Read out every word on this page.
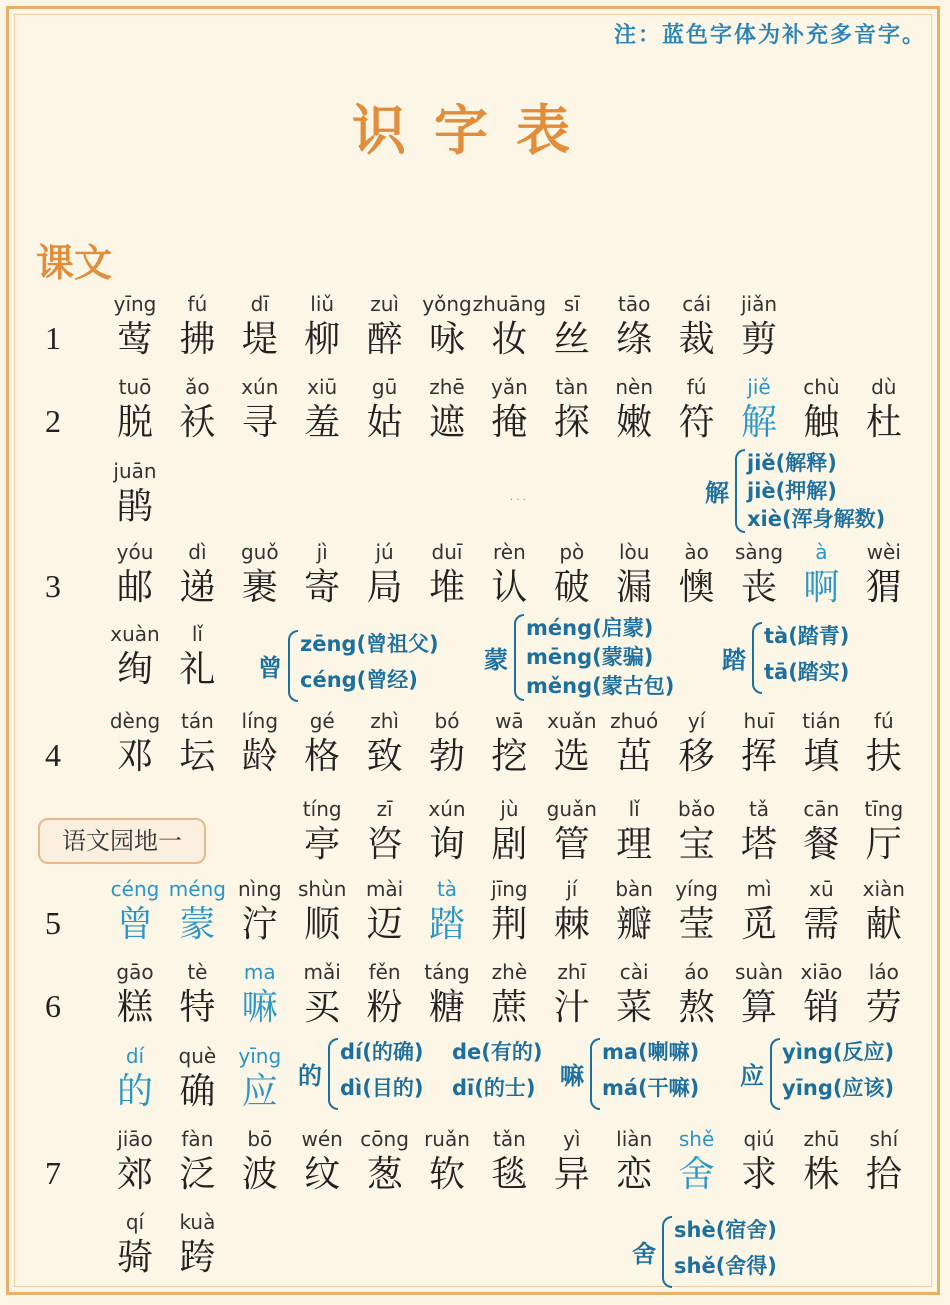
注：蓝色字体为补充多音字。
识字表
课文
语文园地一
· · ·
1
yīng
莺
fú
拂
dī
堤
liǔ
柳
zuì
醉
yǒng
咏
zhuāng
妆
sī
丝
tāo
绦
cái
裁
jiǎn
剪
2
tuō
脱
ǎo
袄
xún
寻
xiū
羞
gū
姑
zhē
遮
yǎn
掩
tàn
探
nèn
嫩
fú
符
jiě
解
chù
触
dù
杜
juān
鹃
3
yóu
邮
dì
递
guǒ
裹
jì
寄
jú
局
duī
堆
rèn
认
pò
破
lòu
漏
ào
懊
sàng
丧
à
啊
wèi
猬
xuàn
绚
lǐ
礼
4
dèng
邓
tán
坛
líng
龄
gé
格
zhì
致
bó
勃
wā
挖
xuǎn
选
zhuó
茁
yí
移
huī
挥
tián
填
fú
扶
tíng
亭
zī
咨
xún
询
jù
剧
guǎn
管
lǐ
理
bǎo
宝
tǎ
塔
cān
餐
tīng
厅
5
céng
曾
méng
蒙
nìng
泞
shùn
顺
mài
迈
tà
踏
jīng
荆
jí
棘
bàn
瓣
yíng
莹
mì
觅
xū
需
xiàn
献
6
gāo
糕
tè
特
ma
嘛
mǎi
买
fěn
粉
táng
糖
zhè
蔗
zhī
汁
cài
菜
áo
熬
suàn
算
xiāo
销
láo
劳
dí
的
què
确
yīng
应
7
jiāo
郊
fàn
泛
bō
波
wén
纹
cōng
葱
ruǎn
软
tǎn
毯
yì
异
liàn
恋
shě
舍
qiú
求
zhū
株
shí
拾
qí
骑
kuà
跨
解
jiě(解释)
jiè(押解)
xiè(浑身解数)
曾
zēng(曾祖父)
céng(曾经)
蒙
méng(启蒙)
mēng(蒙骗)
měng(蒙古包)
踏
tà(踏青)
tā(踏实)
的
dí(的确)
dì(目的)
de(有的)
dī(的士) 嘛
ma(喇嘛)
má(干嘛) 应
yìng(反应)
yīng(应该)
舍
shè(宿舍)
shě(舍得)
